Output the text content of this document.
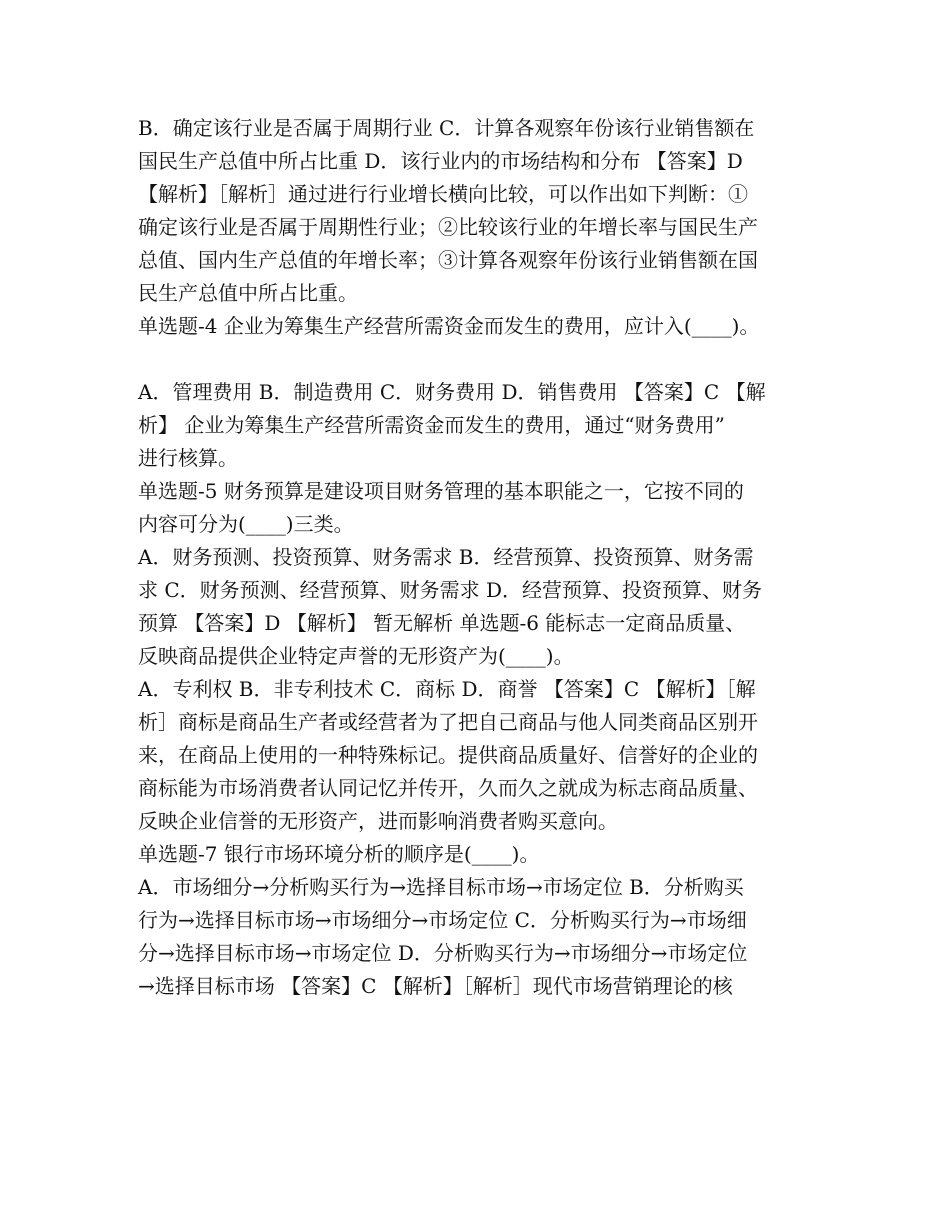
B．确定该行业是否属于周期行业 C．计算各观察年份该行业销售额在
国民生产总值中所占比重 D．该行业内的市场结构和分布 【答案】D
【解析】［解析］通过进行行业增长横向比较，可以作出如下判断：①
确定该行业是否属于周期性行业；②比较该行业的年增长率与国民生产
总值、国内生产总值的年增长率；③计算各观察年份该行业销售额在国
民生产总值中所占比重。
单选题-4 企业为筹集生产经营所需资金而发生的费用，应计入(____)。
A．管理费用 B．制造费用 C．财务费用 D．销售费用 【答案】C 【解
析】 企业为筹集生产经营所需资金而发生的费用，通过“财务费用”
进行核算。
单选题-5 财务预算是建设项目财务管理的基本职能之一，它按不同的
内容可分为(____)三类。
A．财务预测、投资预算、财务需求 B．经营预算、投资预算、财务需
求 C．财务预测、经营预算、财务需求 D．经营预算、投资预算、财务
预算 【答案】D 【解析】 暂无解析 单选题-6 能标志一定商品质量、
反映商品提供企业特定声誉的无形资产为(____)。
A．专利权 B．非专利技术 C．商标 D．商誉 【答案】C 【解析】［解
析］商标是商品生产者或经营者为了把自己商品与他人同类商品区别开
来，在商品上使用的一种特殊标记。提供商品质量好、信誉好的企业的
商标能为市场消费者认同记忆并传开，久而久之就成为标志商品质量、
反映企业信誉的无形资产，进而影响消费者购买意向。
单选题-7 银行市场环境分析的顺序是(____)。
A．市场细分→分析购买行为→选择目标市场→市场定位 B．分析购买
行为→选择目标市场→市场细分→市场定位 C．分析购买行为→市场细
分→选择目标市场→市场定位 D．分析购买行为→市场细分→市场定位
→选择目标市场 【答案】C 【解析】［解析］现代市场营销理论的核
